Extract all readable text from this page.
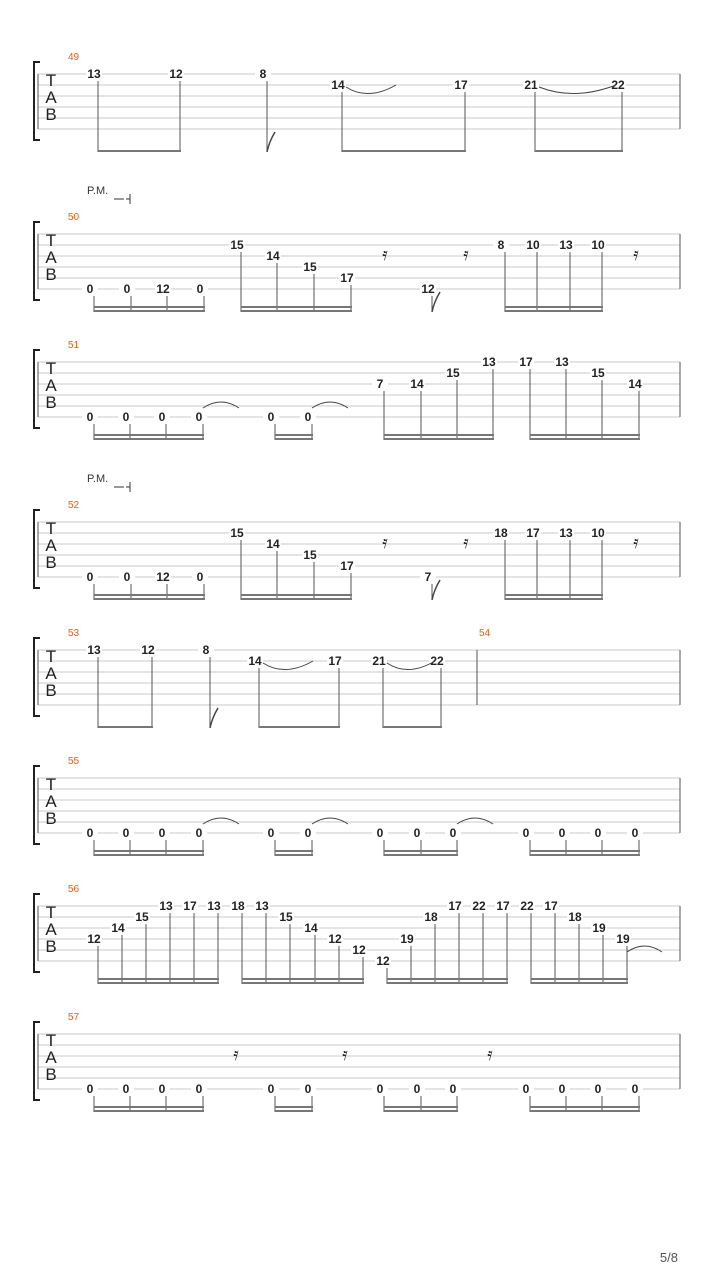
T
A
B
49
13	12	8
14	17	21	22
T
A
B
50
P.M.
0	0 12 0
15
14
15
17
12
8 10 13 10
𝄿	𝄿	𝄿
T
A
B
51
0 0 0	0	0	0
7 14
15
13 17 13
15
14
T
A
B
52
P.M.
0	0 12 0
15
14
15
17
7
18 17 13 10
𝄿	𝄿	𝄿
T
A
B
53	54
13	12	8
14	17	21	22
T
A
B
55
0 0 0	0	0	0	0	0 0	0 0 0	0
T
A
B
56
12
14
15
13 17 13 18 13
15
14
12
12
12
19
18
17 22 17 22 17
18
19
19
T
A
B
57
0 0 0	0	0	0	0	0 0	0 0 0	0
𝄿	𝄿	𝄿
5/8
